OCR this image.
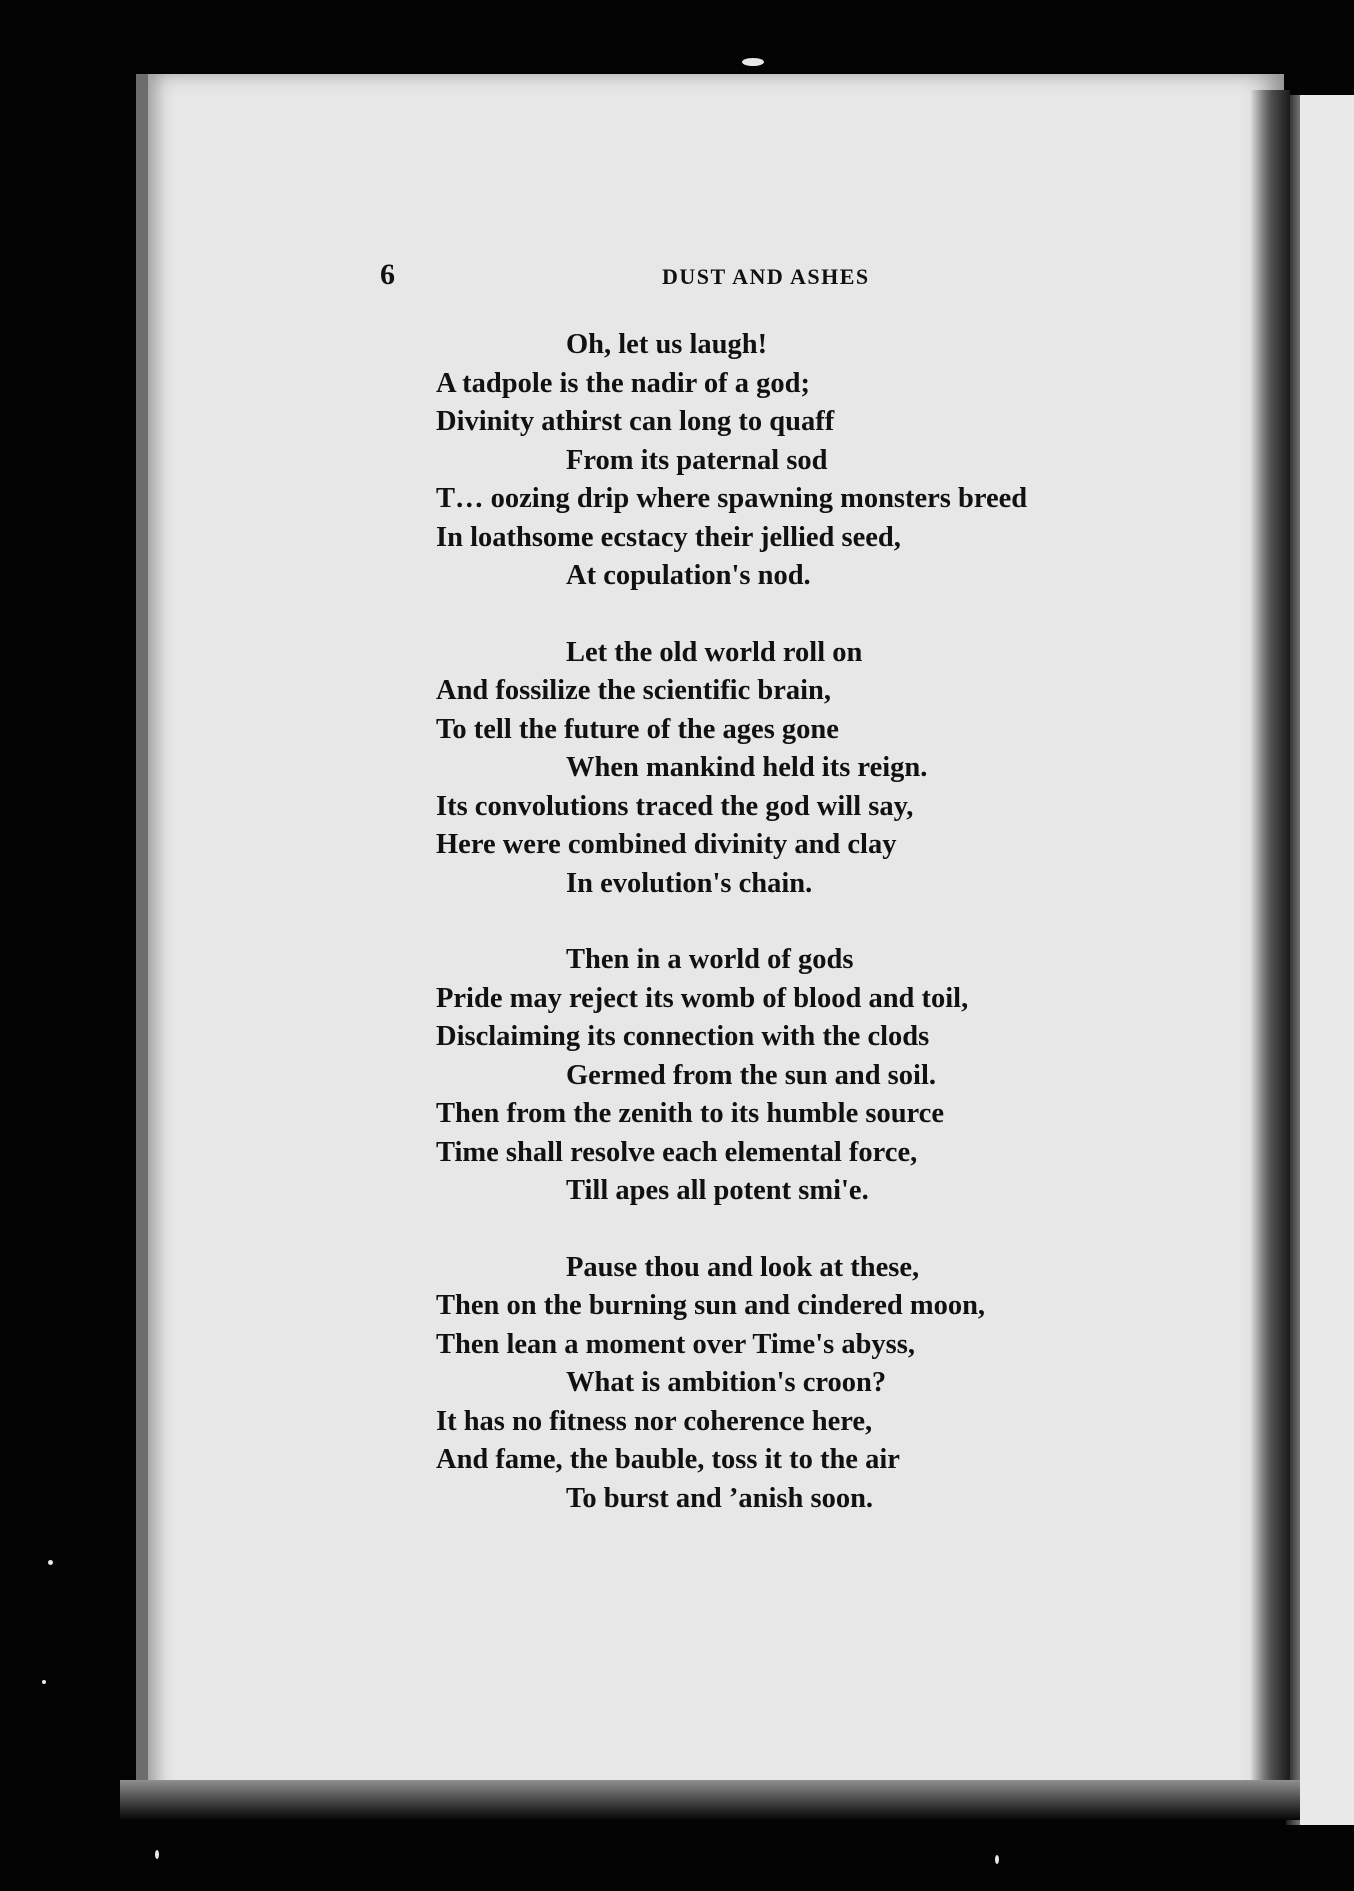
6	DUST AND ASHES
Oh, let us laugh!
A tadpole is the nadir of a god;
Divinity athirst can long to quaff
From its paternal sod
T… oozing drip where spawning monsters breed
In loathsome ecstacy their jellied seed,
At copulation's nod.
Let the old world roll on
And fossilize the scientific brain,
To tell the future of the ages gone
When mankind held its reign.
Its convolutions traced the god will say,
Here were combined divinity and clay
In evolution's chain.
Then in a world of gods
Pride may reject its womb of blood and toil,
Disclaiming its connection with the clods
Germed from the sun and soil.
Then from the zenith to its humble source
Time shall resolve each elemental force,
Till apes all potent smi'e.
Pause thou and look at these,
Then on the burning sun and cindered moon,
Then lean a moment over Time's abyss,
What is ambition's croon?
It has no fitness nor coherence here,
And fame, the bauble, toss it to the air
To burst and ’anish soon.
